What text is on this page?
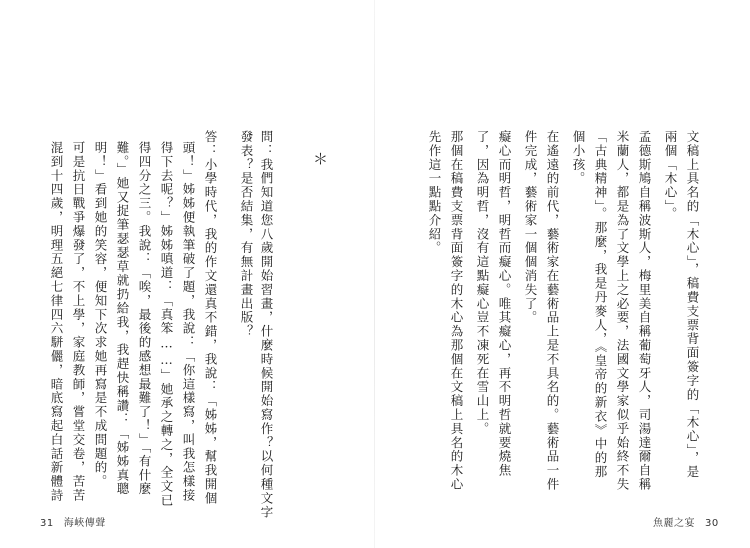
問：我們知道您八歲開始習畫，什麼時候開始寫作？以何種文字
發表？是否結集，有無計畫出版？
答：小學時代，我的作文還真不錯，我說：「姊姊，幫我開個
頭！」姊姊便執筆破了題，我說：「你這樣寫，叫我怎樣接
得下去呢？」姊姊嗔道：「真笨……」她承之轉之，全文已
得四分之三。我說：「唉，最後的感想最難了！」「有什麼
難。」她又捉筆瑟瑟草就扔給我，我趕快稱讚：「姊姊真聰
明！」看到她的笑容，便知下次求她再寫是不成問題的。
可是抗日戰爭爆發了，不上學，家庭教師，嘗堂交卷，苦苦
混到十四歲，明理五絕七律四六駢儷，暗底寫起白話新體詩	＊
31 海峽傳聲
文稿上具名的「木心」，稿費支票背面簽字的「木心」，是
兩個「木心」。
孟德斯鳩自稱波斯人，梅里美自稱葡萄牙人，司湯達爾自稱
米蘭人，都是為了文學上之必要，法國文學家似乎始終不失
「古典精神」。那麼，我是丹麥人，《皇帝的新衣》中的那
個小孩。
在遙遠的前代，藝術家在藝術品上是不具名的。藝術品一件
件完成，藝術家一個個消失了。
癡心而明哲，明哲而癡心。唯其癡心，再不明哲就要燒焦
了，因為明哲，沒有這點癡心豈不凍死在雪山上。
那個在稿費支票背面簽字的木心為那個在文稿上具名的木心
先作這一點點介紹。
魚麗之宴 30
